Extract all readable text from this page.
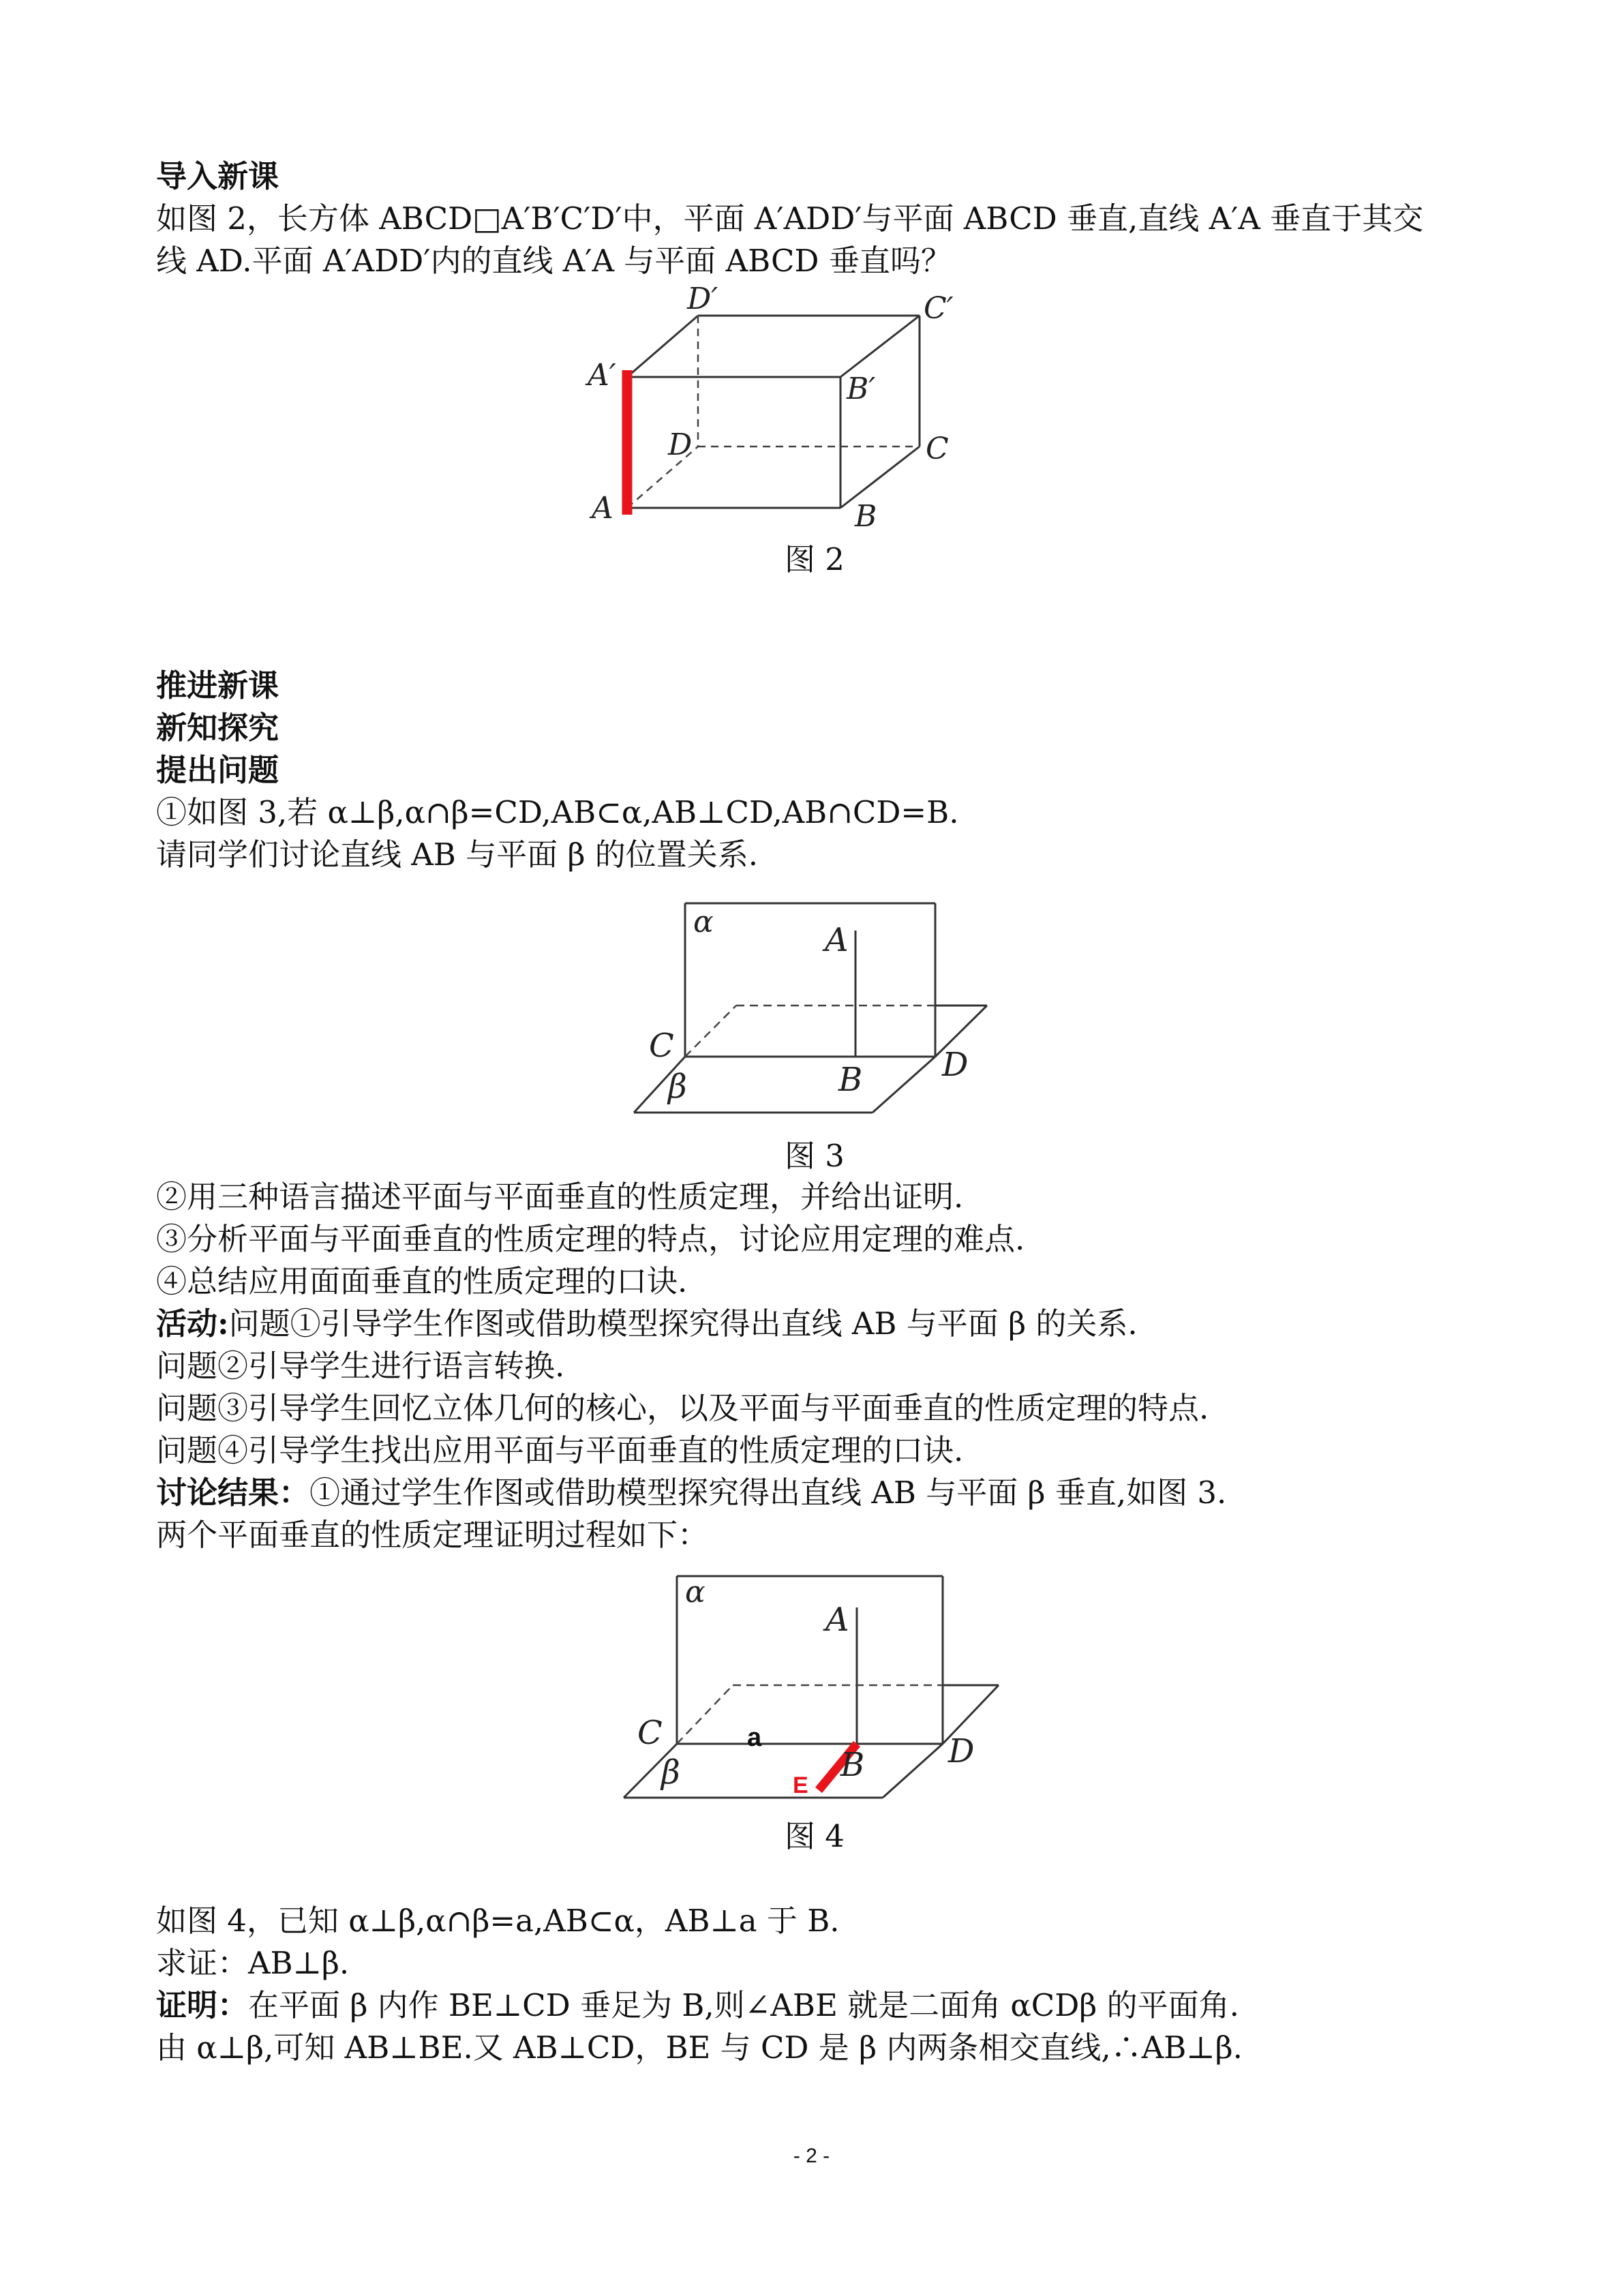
导入新课
如图 2，长方体 ABCD□A′B′C′D′中，平面 A′ADD′与平面 ABCD 垂直,直线 A′A 垂直于其交
线 AD.平面 A′ADD′内的直线 A′A 与平面 ABCD 垂直吗？
D′	C′
A′	B′
D	C
A	B
图 2
推进新课
新知探究
提出问题
①如图 3,若 α⊥β,α∩β=CD,AB⊂α,AB⊥CD,AB∩CD=B.
请同学们讨论直线 AB 与平面 β 的位置关系.
α	A
C
B D
β
图 3
②用三种语言描述平面与平面垂直的性质定理，并给出证明.
③分析平面与平面垂直的性质定理的特点，讨论应用定理的难点.
④总结应用面面垂直的性质定理的口诀.
活动:问题①引导学生作图或借助模型探究得出直线 AB 与平面 β 的关系.
问题②引导学生进行语言转换.
问题③引导学生回忆立体几何的核心，以及平面与平面垂直的性质定理的特点.
问题④引导学生找出应用平面与平面垂直的性质定理的口诀.
讨论结果：①通过学生作图或借助模型探究得出直线 AB 与平面 β 垂直,如图 3.
两个平面垂直的性质定理证明过程如下：
α
A
C
B	D
β
a
E
图 4
如图 4，已知 α⊥β,α∩β=a,AB⊂α，AB⊥a 于 B.
求证：AB⊥β.
证明：在平面 β 内作 BE⊥CD 垂足为 B,则∠ABE 就是二面角 αCDβ 的平面角.
由 α⊥β,可知 AB⊥BE.又 AB⊥CD，BE 与 CD 是 β 内两条相交直线,∴AB⊥β.
- 2 -
